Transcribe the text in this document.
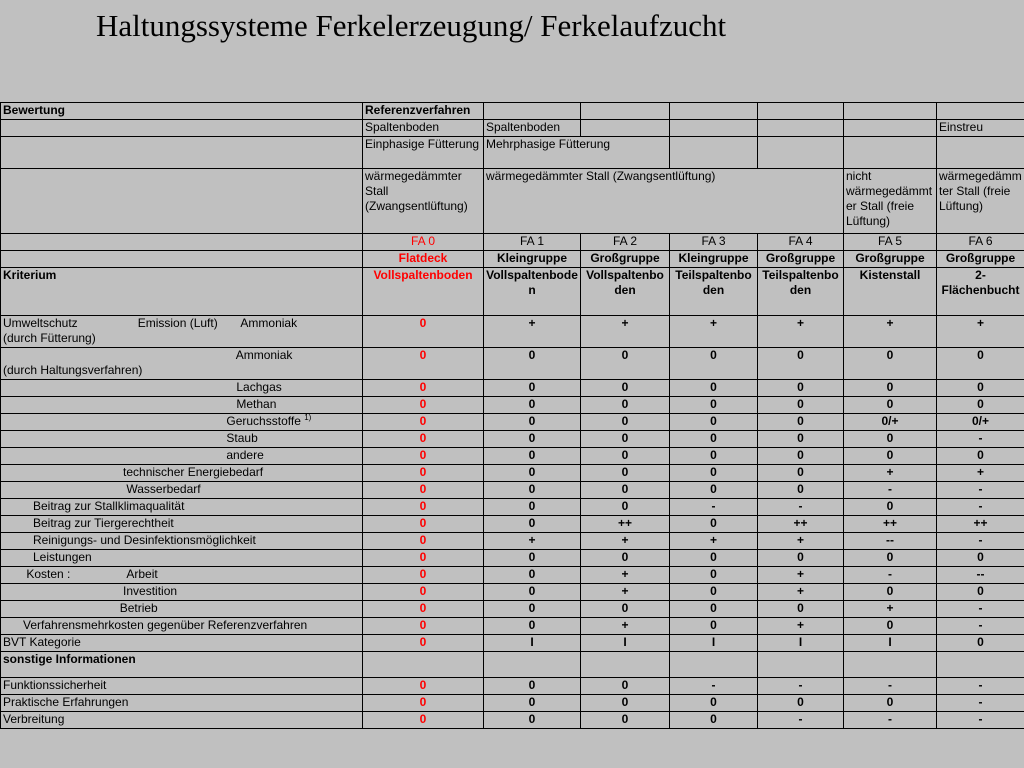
Haltungssysteme Ferkelerzeugung/ Ferkelaufzucht
Bewertung	Referenzverfahren						
	Spaltenboden	Spaltenboden					Einstreu
	Einphasige Fütterung	Mehrphasige Fütterung					
	wärmegedämmter Stall (Zwangsentlüftung)	wärmegedämmter Stall (Zwangsentlüftung)				nicht wärmegedämmter Stall (freie Lüftung)	wärmegedämmter Stall (freie Lüftung)
	FA 0	FA 1	FA 2	FA 3	FA 4	FA 5	FA 6
	Flatdeck	Kleingruppe	Großgruppe	Kleingruppe	Großgruppe	Großgruppe	Großgruppe
Kriterium	Vollspaltenboden	Vollspaltenboden	Vollspaltenboden	Teilspaltenboden	Teilspaltenboden	Kistenstall	2-Flächenbucht
Umweltschutz                  Emission (Luft)       Ammoniak
(durch Fütterung)	0	+	+	+	+	+	+
Ammoniak
(durch Haltungsverfahren)	0	0	0	0	0	0	0
Lachgas	0	0	0	0	0	0	0
Methan	0	0	0	0	0	0	0
Geruchsstoffe $^{1)}$	0	0	0	0	0	0/+	0/+
Staub	0	0	0	0	0	0	-
andere	0	0	0	0	0	0	0
technischer Energiebedarf	0	0	0	0	0	+	+
Wasserbedarf	0	0	0	0	0	-	-
Beitrag zur Stallklimaqualität	0	0	0	-	-	0	-
Beitrag zur Tiergerechtheit	0	0	++	0	++	++	++
Reinigungs- und Desinfektionsmöglichkeit	0	+	+	+	+	--	-
Leistungen	0	0	0	0	0	0	0
Kosten :                 Arbeit	0	0	+	0	+	-	--
Investition	0	0	+	0	+	0	0
Betrieb	0	0	0	0	0	+	-
Verfahrensmehrkosten gegenüber Referenzverfahren	0	0	+	0	+	0	-
BVT Kategorie	0	I	I	I	I	I	0
sonstige Informationen							
Funktionssicherheit	0	0	0	-	-	-	-
Praktische Erfahrungen	0	0	0	0	0	0	-
Verbreitung	0	0	0	0	-	-	-
